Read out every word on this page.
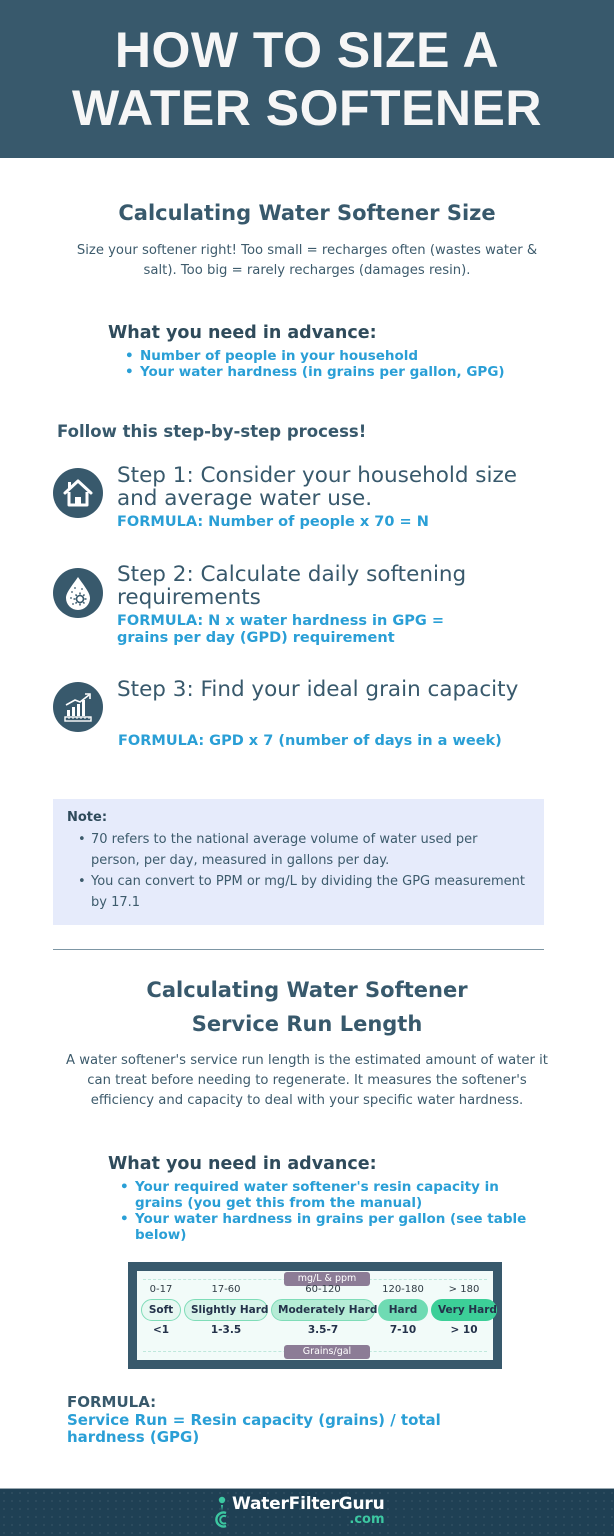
HOW TO SIZE A
WATER SOFTENER
Calculating Water Softener Size
Size your softener right! Too small = recharges often (wastes water & salt). Too big = rarely recharges (damages resin).
What you need in advance:
• Number of people in your household
• Your water hardness (in grains per gallon, GPG)
Follow this step-by-step process!
Step 1: Consider your household size and average water use.
FORMULA: Number of people x 70 = N
Step 2: Calculate daily softening requirements
FORMULA: N x water hardness in GPG = grains per day (GPD) requirement
Step 3: Find your ideal grain capacity
FORMULA: GPD x 7 (number of days in a week)
Note:
• 70 refers to the national average volume of water used per person, per day, measured in gallons per day.
• You can convert to PPM or mg/L by dividing the GPG measurement by 17.1
Calculating Water Softener
Service Run Length
A water softener's service run length is the estimated amount of water it can treat before needing to regenerate. It measures the softener's efficiency and capacity to deal with your specific water hardness.
What you need in advance:
• Your required water softener's resin capacity in grains (you get this from the manual)
• Your water hardness in grains per gallon (see table below)
mg/L & ppm
Grains/gal
0-17
Soft
<1
17-60
Slightly Hard
1-3.5
60-120
Moderately Hard
3.5-7
120-180
Hard
7-10
> 180
Very Hard
> 10
FORMULA:
Service Run = Resin capacity (grains) / total hardness (GPG)
WaterFilterGuru
.com
